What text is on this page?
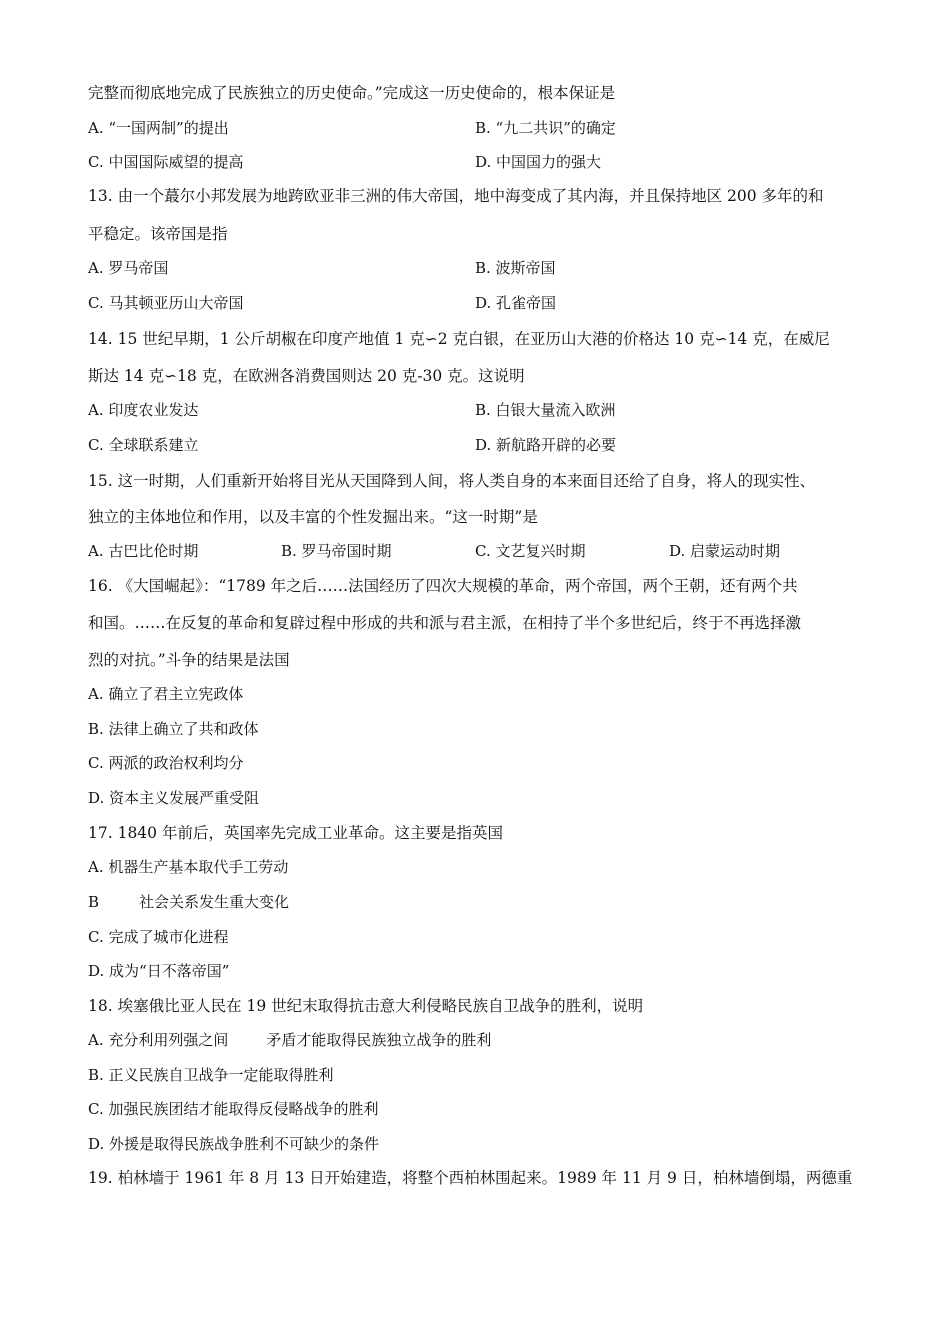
完整而彻底地完成了民族独立的历史使命。”完成这一历史使命的，根本保证是
A. “一国两制”的提出	B. “九二共识”的确定
C. 中国国际威望的提高	D. 中国国力的强大
13. 由一个蕞尔小邦发展为地跨欧亚非三洲的伟大帝国，地中海变成了其内海，并且保持地区 200 多年的和
平稳定。该帝国是指
A. 罗马帝国	B. 波斯帝国
C. 马其顿亚历山大帝国	D. 孔雀帝国
14. 15 世纪早期，1 公斤胡椒在印度产地值 1 克∽2 克白银，在亚历山大港的价格达 10 克∽14 克，在威尼
斯达 14 克∽18 克，在欧洲各消费国则达 20 克-30 克。这说明
A. 印度农业发达	B. 白银大量流入欧洲
C. 全球联系建立	D. 新航路开辟的必要
15. 这一时期，人们重新开始将目光从天国降到人间，将人类自身的本来面目还给了自身，将人的现实性、
独立的主体地位和作用，以及丰富的个性发掘出来。“这一时期”是
A. 古巴比伦时期	B. 罗马帝国时期	C. 文艺复兴时期	D. 启蒙运动时期
16. 《大国崛起》：“1789 年之后……法国经历了四次大规模的革命，两个帝国，两个王朝，还有两个共
和国。……在反复的革命和复辟过程中形成的共和派与君主派，在相持了半个多世纪后，终于不再选择激
烈的对抗。”斗争的结果是法国
A. 确立了君主立宪政体
B. 法律上确立了共和政体
C. 两派的政治权利均分
D. 资本主义发展严重受阻
17. 1840 年前后，英国率先完成工业革命。这主要是指英国
A. 机器生产基本取代手工劳动
B	社会关系发生重大变化
C. 完成了城市化进程
D. 成为“日不落帝国”
18. 埃塞俄比亚人民在 19 世纪末取得抗击意大利侵略民族自卫战争的胜利，说明
A. 充分利用列强之间	矛盾才能取得民族独立战争的胜利
B. 正义民族自卫战争一定能取得胜利
C. 加强民族团结才能取得反侵略战争的胜利
D. 外援是取得民族战争胜利不可缺少的条件
19. 柏林墙于 1961 年 8 月 13 日开始建造，将整个西柏林围起来。1989 年 11 月 9 日，柏林墙倒塌，两德重
